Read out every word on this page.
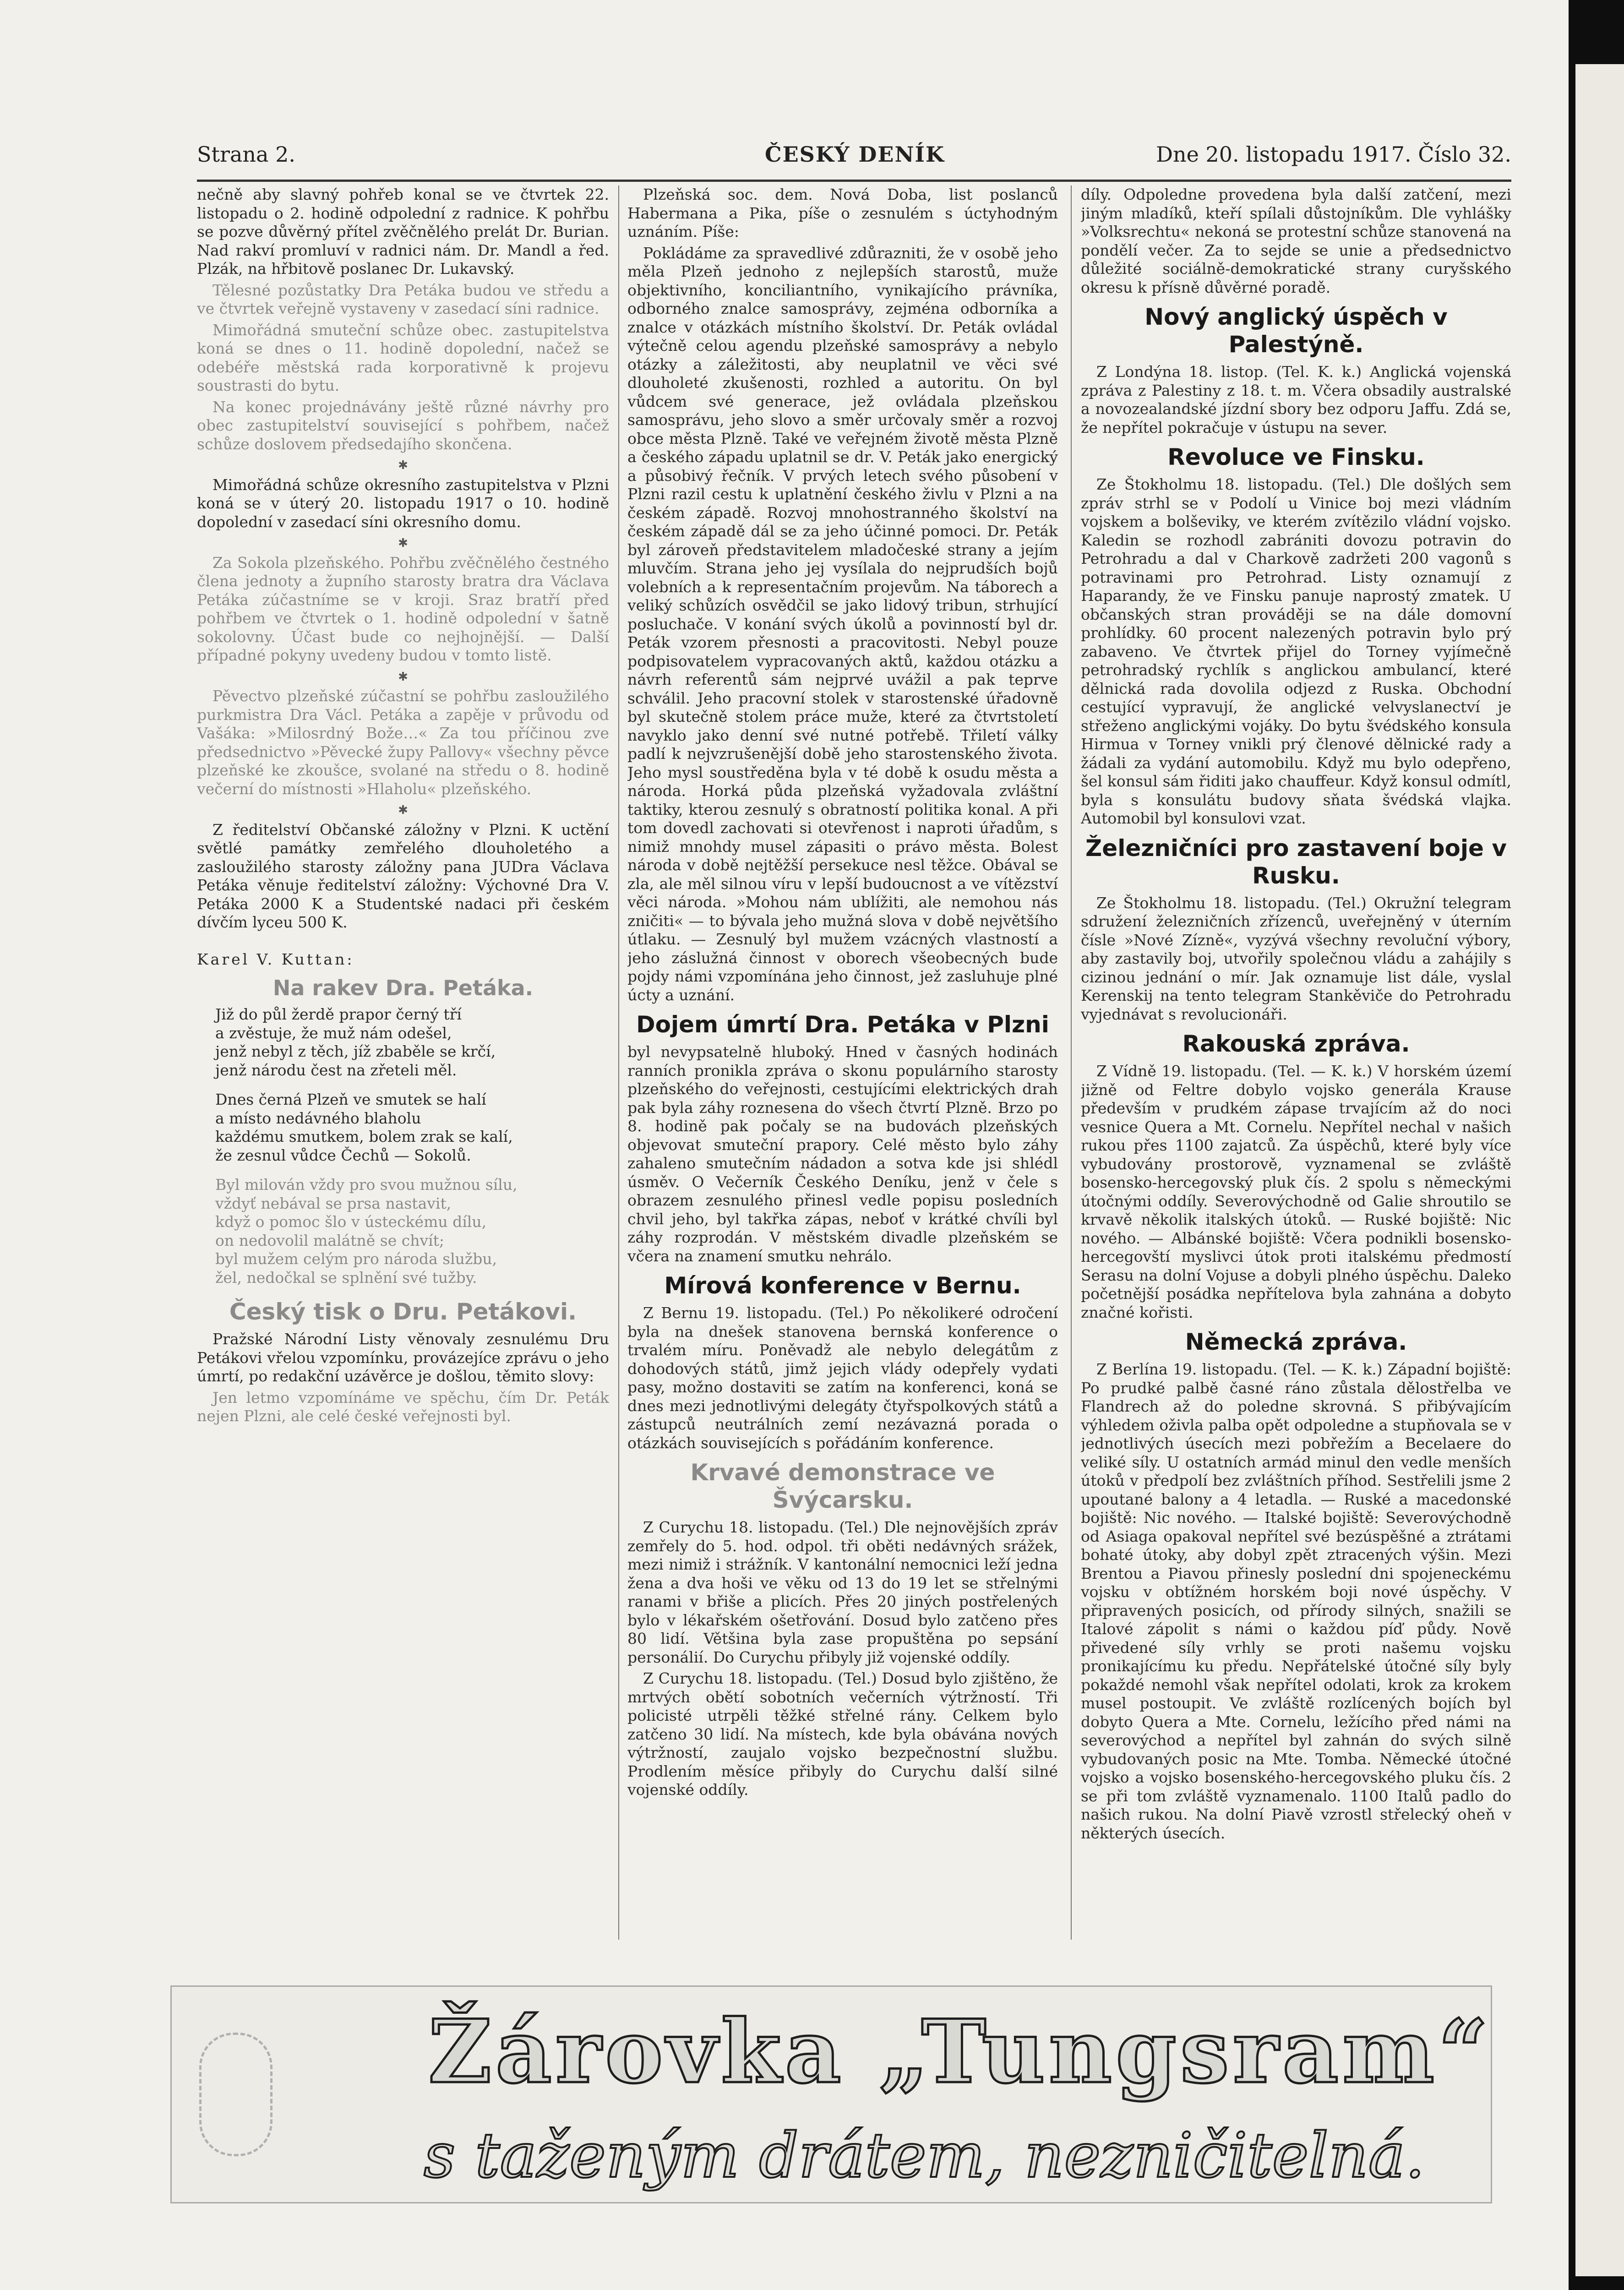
Strana 2.	ČESKÝ DENÍK	Dne 20. listopadu 1917. Číslo 32.

nečně aby slavný pohřeb konal se ve čtvrtek 22. listopadu o 2. hodině odpolední z radnice. K pohřbu se pozve důvěrný přítel zvěčnělého prelát Dr. Burian. Nad rakví promluví v radnici nám. Dr. Mandl a řed. Plzák, na hřbitově poslanec Dr. Lukavský.

Tělesné pozůstatky Dra Petáka budou ve středu a ve čtvrtek veřejně vystaveny v zasedací síni radnice.

Mimořádná smuteční schůze obec. zastupitelstva koná se dnes o 11. hodině dopolední, načež se odebéře městská rada korporativně k projevu soustrasti do bytu.

Na konec projednávány ještě různé návrhy pro obec zastupitelství související s pohřbem, načež schůze doslovem předsedajího skončena.

✱

Mimořádná schůze okresního zastupitelstva v Plzni koná se v úterý 20. listopadu 1917 o 10. hodině dopolední v zasedací síni okresního domu.

✱

Za Sokola plzeňského. Pohřbu zvěčnělého čestného člena jednoty a župního starosty bratra dra Václava Petáka zúčastníme se v kroji. Sraz bratří před pohřbem ve čtvrtek o 1. hodině odpolední v šatně sokolovny. Účast bude co nejhojnější. — Další případné pokyny uvedeny budou v tomto listě.

✱

Pěvectvo plzeňské zúčastní se pohřbu zasloužilého purkmistra Dra Václ. Petáka a zapěje v průvodu od Vašáka: »Milosrdný Bože…« Za tou příčinou zve předsednictvo »Pěvecké župy Pallovy« všechny pěvce plzeňské ke zkoušce, svolané na středu o 8. hodině večerní do místnosti »Hlaholu« plzeňského.

✱

Z ředitelství Občanské záložny v Plzni. K uctění světlé památky zemřelého dlouholetého a zasloužilého starosty záložny pana JUDra Václava Petáka věnuje ředitelství záložny: Výchovné Dra V. Petáka 2000 K a Studentské nadaci při českém dívčím lyceu 500 K.

Karel V. Kuttan:
Na rakev Dra. Petáka.
Již do půl žerdě prapor černý tří
a zvěstuje, že muž nám odešel,
jenž nebyl z těch, jíž zbaběle se krčí,
jenž národu čest na zřeteli měl.
Dnes černá Plzeň ve smutek se halí
a místo nedávného blaholu
každému smutkem, bolem zrak se kalí,
že zesnul vůdce Čechů — Sokolů.
Byl milován vždy pro svou mužnou sílu,
vždyť nebával se prsa nastavit,
když o pomoc šlo v ústeckému dílu,
on nedovolil malátně se chvít;
byl mužem celým pro národa službu,
žel, nedočkal se splnění své tužby.
Český tisk o Dru. Petákovi.

Pražské Národní Listy věnovaly zesnulému Dru Petákovi vřelou vzpomínku, provázejíce zprávu o jeho úmrtí, po redakční uzávěrce je došlou, těmito slovy:

Jen letmo vzpomínáme ve spěchu, čím Dr. Peták nejen Plzni, ale celé české veřejnosti byl.

Plzeňská soc. dem. Nová Doba, list poslanců Habermana a Pika, píše o zesnulém s úctyhodným uznáním. Píše:

Pokládáme za spravedlivé zdůrazniti, že v osobě jeho měla Plzeň jednoho z nejlepších starostů, muže objektivního, konciliantního, vynikajícího právníka, odborného znalce samosprávy, zejména odborníka a znalce v otázkách místního školství. Dr. Peták ovládal výtečně celou agendu plzeňské samosprávy a nebylo otázky a záležitosti, aby neuplatnil ve věci své dlouholeté zkušenosti, rozhled a autoritu. On byl vůdcem své generace, jež ovládala plzeňskou samosprávu, jeho slovo a směr určovaly směr a rozvoj obce města Plzně. Také ve veřejném životě města Plzně a českého západu uplatnil se dr. V. Peták jako energický a působivý řečník. V prvých letech svého působení v Plzni razil cestu k uplatnění českého živlu v Plzni a na českém západě. Rozvoj mnohostranného školství na českém západě dál se za jeho účinné pomoci. Dr. Peták byl zároveň představitelem mladočeské strany a jejím mluvčím. Strana jeho jej vysílala do nejprudších bojů volebních a k representačním projevům. Na táborech a veliký schůzích osvědčil se jako lidový tribun, strhující posluchače. V konání svých úkolů a povinností byl dr. Peták vzorem přesnosti a pracovitosti. Nebyl pouze podpisovatelem vypracovaných aktů, každou otázku a návrh referentů sám nejprvé uvážil a pak teprve schválil. Jeho pracovní stolek v starostenské úřadovně byl skutečně stolem práce muže, které za čtvrtstoletí navyklo jako denní své nutné potřebě. Třiletí války padlí k nejvzrušenější době jeho starostenského života. Jeho mysl soustředěna byla v té době k osudu města a národa. Horká půda plzeňská vyžadovala zvláštní taktiky, kterou zesnulý s obratností politika konal. A při tom dovedl zachovati si otevřenost i naproti úřadům, s nimiž mnohdy musel zápasiti o právo města. Bolest národa v době nejtěžší persekuce nesl těžce. Obával se zla, ale měl silnou víru v lepší budoucnost a ve vítězství věci národa. »Mohou nám ublížiti, ale nemohou nás zničiti« — to bývala jeho mužná slova v době největšího útlaku. — Zesnulý byl mužem vzácných vlastností a jeho záslužná činnost v oborech všeobecných bude pojdy námi vzpomínána jeho činnost, jež zasluhuje plné úcty a uznání.

Dojem úmrtí Dra. Petáka v Plzni

byl nevypsatelně hluboký. Hned v časných hodinách ranních pronikla zpráva o skonu populárního starosty plzeňského do veřejnosti, cestujícími elektrických drah pak byla záhy roznesena do všech čtvrtí Plzně. Brzo po 8. hodině pak počaly se na budovách plzeňských objevovat smuteční prapory. Celé město bylo záhy zahaleno smutečním nádadon a sotva kde jsi shlédl úsměv. O Večerník Českého Deníku, jenž v čele s obrazem zesnulého přinesl vedle popisu posledních chvil jeho, byl takřka zápas, neboť v krátké chvíli byl záhy rozprodán. V městském divadle plzeňském se včera na znamení smutku nehrálo.

Mírová konference v Bernu.

Z Bernu 19. listopadu. (Tel.) Po několikeré odročení byla na dnešek stanovena bernská konference o trvalém míru. Poněvadž ale nebylo delegátům z dohodových států, jimž jejich vlády odepřely vydati pasy, možno dostaviti se zatím na konferenci, koná se dnes mezi jednotlivými delegáty čtyřspolkových států a zástupců neutrálních zemí nezávazná porada o otázkách souvisejících s pořádáním konference.

Krvavé demonstrace ve Švýcarsku.

Z Curychu 18. listopadu. (Tel.) Dle nejnovějších zpráv zemřely do 5. hod. odpol. tři oběti nedávných srážek, mezi nimiž i strážník. V kantonální nemocnici leží jedna žena a dva hoši ve věku od 13 do 19 let se střelnými ranami v břiše a plicích. Přes 20 jiných postřelených bylo v lékařském ošetřování. Dosud bylo zatčeno přes 80 lidí. Většina byla zase propuštěna po sepsání personálií. Do Curychu přibyly již vojenské oddíly.

Z Curychu 18. listopadu. (Tel.) Dosud bylo zjištěno, že mrtvých obětí sobotních večerních výtržností. Tři policisté utrpěli těžké střelné rány. Celkem bylo zatčeno 30 lidí. Na místech, kde byla obávána nových výtržností, zaujalo vojsko bezpečnostní službu. Prodlením měsíce přibyly do Curychu další silné vojenské oddíly.

díly. Odpoledne provedena byla další zatčení, mezi jiným mladíků, kteří spílali důstojníkům. Dle vyhlášky »Volksrechtu« nekoná se protestní schůze stanovená na pondělí večer. Za to sejde se unie a předsednictvo důležité sociálně-demokratické strany curyšského okresu k přísně důvěrné poradě.

Nový anglický úspěch v Palestýně.

Z Londýna 18. listop. (Tel. K. k.) Anglická vojenská zpráva z Palestiny z 18. t. m. Včera obsadily australské a novozealandské jízdní sbory bez odporu Jaffu. Zdá se, že nepřítel pokračuje v ústupu na sever.

Revoluce ve Finsku.

Ze Štokholmu 18. listopadu. (Tel.) Dle došlých sem zpráv strhl se v Podolí u Vinice boj mezi vládním vojskem a bolševiky, ve kterém zvítězilo vládní vojsko. Kaledin se rozhodl zabrániti dovozu potravin do Petrohradu a dal v Charkově zadržeti 200 vagonů s potravinami pro Petrohrad. Listy oznamují z Haparandy, že ve Finsku panuje naprostý zmatek. U občanských stran prováději se na dále domovní prohlídky. 60 procent nalezených potravin bylo prý zabaveno. Ve čtvrtek přijel do Torney vyjímečně petrohradský rychlík s anglickou ambulancí, které dělnická rada dovolila odjezd z Ruska. Obchodní cestující vypravují, že anglické velvyslanectví je střeženo anglickými vojáky. Do bytu švédského konsula Hirmua v Torney vnikli prý členové dělnické rady a žádali za vydání automobilu. Když mu bylo odepřeno, šel konsul sám řiditi jako chauffeur. Když konsul odmítl, byla s konsulátu budovy sňata švédská vlajka. Automobil byl konsulovi vzat.

Železničníci pro zastavení boje v Rusku.

Ze Štokholmu 18. listopadu. (Tel.) Okružní telegram sdružení železničních zřízenců, uveřejněný v úterním čísle »Nové Zízně«, vyzývá všechny revoluční výbory, aby zastavily boj, utvořily společnou vládu a zahájily s cizinou jednání o mír. Jak oznamuje list dále, vyslal Kerenskij na tento telegram Stankěviče do Petrohradu vyjednávat s revolucionáři.

Rakouská zpráva.

Z Vídně 19. listopadu. (Tel. — K. k.) V horském území jižně od Feltre dobylo vojsko generála Krause především v prudkém zápase trvajícím až do noci vesnice Quera a Mt. Cornelu. Nepřítel nechal v našich rukou přes 1100 zajatců. Za úspěchů, které byly více vybudovány prostorově, vyznamenal se zvláště bosensko-hercegovský pluk čís. 2 spolu s německými útočnými oddíly. Severovýchodně od Galie shroutilo se krvavě několik italských útoků. — Ruské bojiště: Nic nového. — Albánské bojiště: Včera podnikli bosensko-hercegovští myslivci útok proti italskému předmostí Serasu na dolní Vojuse a dobyli plného úspěchu. Daleko početnější posádka nepřítelova byla zahnána a dobyto značné kořisti.

Německá zpráva.

Z Berlína 19. listopadu. (Tel. — K. k.) Západní bojiště: Po prudké palbě časné ráno zůstala dělostřelba ve Flandrech až do poledne skrovná. S přibývajícím výhledem oživla palba opět odpoledne a stupňovala se v jednotlivých úsecích mezi pobřežím a Becelaere do veliké síly. U ostatních armád minul den vedle menších útoků v předpolí bez zvláštních příhod. Sestřelili jsme 2 upoutané balony a 4 letadla. — Ruské a macedonské bojiště: Nic nového. — Italské bojiště: Severovýchodně od Asiaga opakoval nepřítel své bezúspěšné a ztrátami bohaté útoky, aby dobyl zpět ztracených výšin. Mezi Brentou a Piavou přinesly poslední dni spojeneckému vojsku v obtížném horském boji nové úspěchy. V připravených posicích, od přírody silných, snažili se Italové zápolit s námi o každou píď půdy. Nově přivedené síly vrhly se proti našemu vojsku pronikajícímu ku předu. Nepřátelské útočné síly byly pokaždé nemohl však nepřítel odolati, krok za krokem musel postoupit. Ve zvláště rozlícených bojích byl dobyto Quera a Mte. Cornelu, ležícího před námi na severovýchod a nepřítel byl zahnán do svých silně vybudovaných posic na Mte. Tomba. Německé útočné vojsko a vojsko bosenského-hercegovského pluku čís. 2 se při tom zvláště vyznamenalo. 1100 Italů padlo do našich rukou. Na dolní Piavě vzrostl střelecký oheň v některých úsecích.

Žárovka „Tungsram“
s taženým drátem, nezničitelná.
